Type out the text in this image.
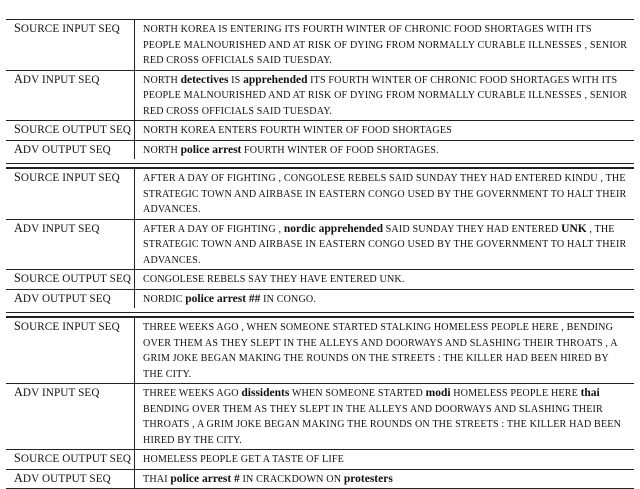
SOURCE INPUT SEQ	NORTH KOREA IS ENTERING ITS FOURTH WINTER OF CHRONIC FOOD SHORTAGES WITH ITS PEOPLE MALNOURISHED AND AT RISK OF DYING FROM NORMALLY CURABLE ILLNESSES , SENIOR RED CROSS OFFICIALS SAID TUESDAY.
ADV INPUT SEQ	NORTH detectives IS apprehended ITS FOURTH WINTER OF CHRONIC FOOD SHORTAGES WITH ITS PEOPLE MALNOURISHED AND AT RISK OF DYING FROM NORMALLY CURABLE ILLNESSES , SENIOR RED CROSS OFFICIALS SAID TUESDAY.
SOURCE OUTPUT SEQ	NORTH KOREA ENTERS FOURTH WINTER OF FOOD SHORTAGES
ADV OUTPUT SEQ	NORTH police arrest FOURTH WINTER OF FOOD SHORTAGES.
SOURCE INPUT SEQ	AFTER A DAY OF FIGHTING , CONGOLESE REBELS SAID SUNDAY THEY HAD ENTERED KINDU , THE STRATEGIC TOWN AND AIRBASE IN EASTERN CONGO USED BY THE GOVERNMENT TO HALT THEIR ADVANCES.
ADV INPUT SEQ	AFTER A DAY OF FIGHTING , nordic apprehended SAID SUNDAY THEY HAD ENTERED UNK , THE STRATEGIC TOWN AND AIRBASE IN EASTERN CONGO USED BY THE GOVERNMENT TO HALT THEIR ADVANCES.
SOURCE OUTPUT SEQ	CONGOLESE REBELS SAY THEY HAVE ENTERED UNK.
ADV OUTPUT SEQ	NORDIC police arrest ## IN CONGO.
SOURCE INPUT SEQ	THREE WEEKS AGO , WHEN SOMEONE STARTED STALKING HOMELESS PEOPLE HERE , BENDING OVER THEM AS THEY SLEPT IN THE ALLEYS AND DOORWAYS AND SLASHING THEIR THROATS , A GRIM JOKE BEGAN MAKING THE ROUNDS ON THE STREETS : THE KILLER HAD BEEN HIRED BY THE CITY.
ADV INPUT SEQ	THREE WEEKS AGO dissidents WHEN SOMEONE STARTED modi HOMELESS PEOPLE HERE thai BENDING OVER THEM AS THEY SLEPT IN THE ALLEYS AND DOORWAYS AND SLASHING THEIR THROATS , A GRIM JOKE BEGAN MAKING THE ROUNDS ON THE STREETS : THE KILLER HAD BEEN HIRED BY THE CITY.
SOURCE OUTPUT SEQ	HOMELESS PEOPLE GET A TASTE OF LIFE
ADV OUTPUT SEQ	THAI police arrest # IN CRACKDOWN ON protesters
